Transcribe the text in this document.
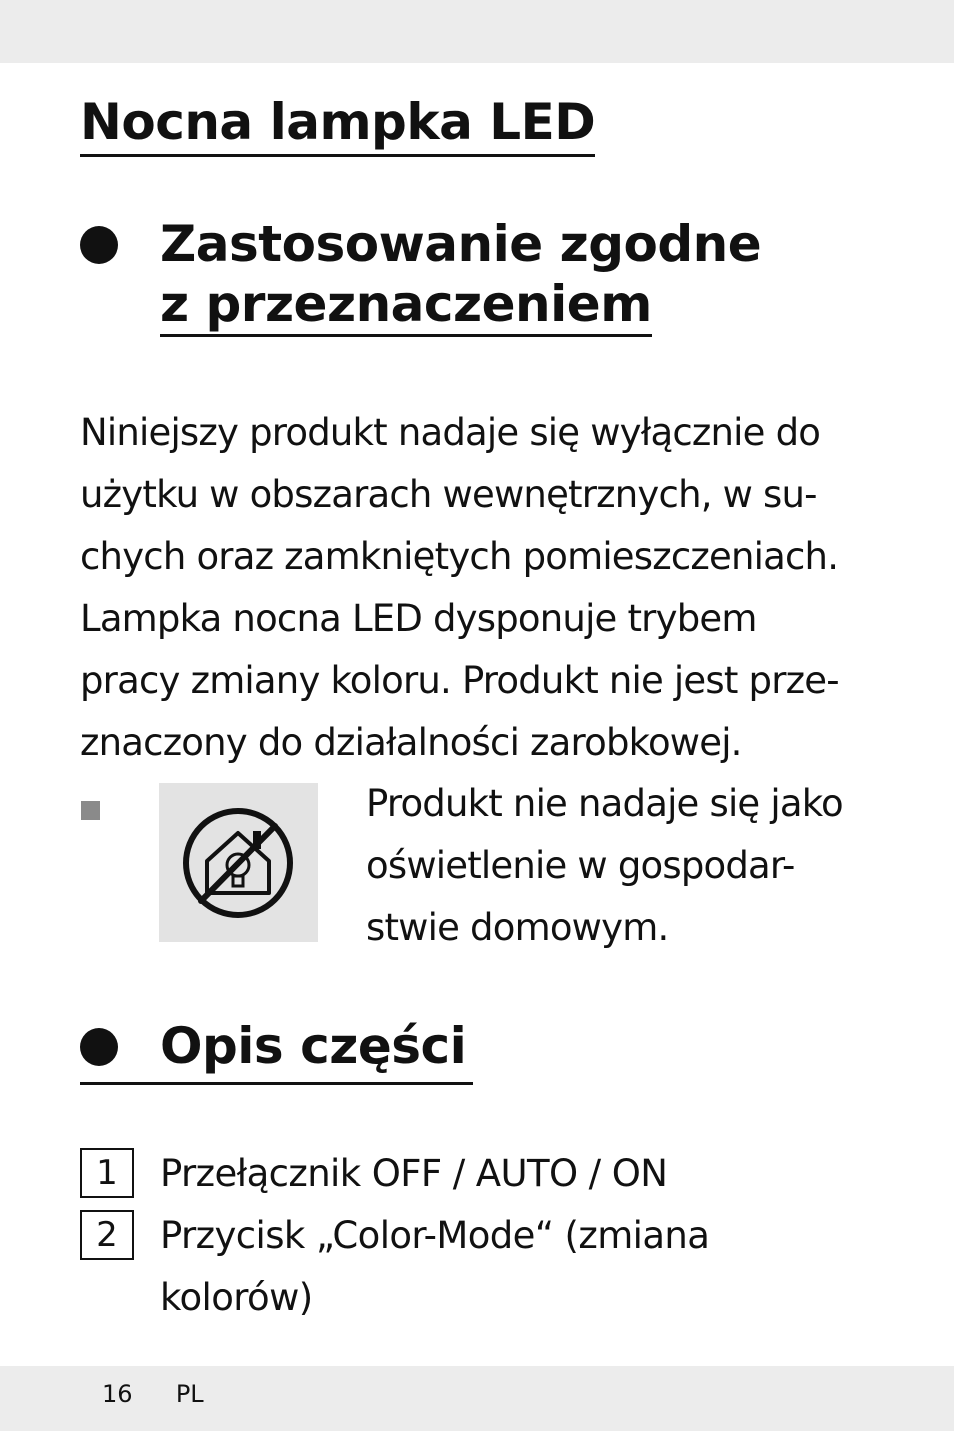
Nocna lampka LED
Zastosowanie zgodne
z przeznaczeniem
Niniejszy produkt nadaje się wyłącznie do
użytku w obszarach wewnętrznych, w su-
chych oraz zamkniętych pomieszczeniach.
Lampka nocna LED dysponuje trybem
pracy zmiany koloru. Produkt nie jest prze-
znaczony do działalności zarobkowej.
Produkt nie nadaje się jako
oświetlenie w gospodar-
stwie domowym.
Opis części
1	Przełącznik OFF / AUTO / ON
2	Przycisk „Color-Mode“ (zmiana
kolorów)
16 PL
